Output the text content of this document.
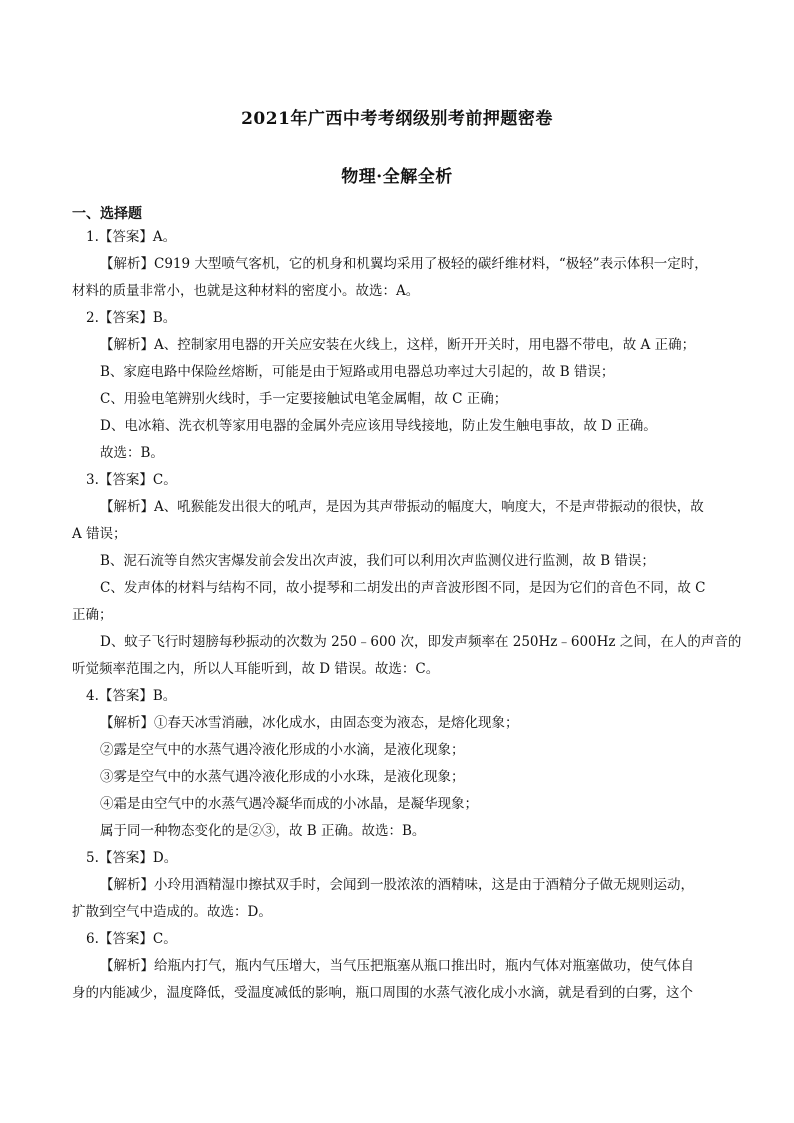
2021年广西中考考纲级别考前押题密卷
物理·全解全析
一、选择题
1.【答案】A。
【解析】C919 大型喷气客机，它的机身和机翼均采用了极轻的碳纤维材料，“极轻”表示体积一定时，
材料的质量非常小，也就是这种材料的密度小。故选：A。
2.【答案】B。
【解析】A、控制家用电器的开关应安装在火线上，这样，断开开关时，用电器不带电，故 A 正确；
B、家庭电路中保险丝熔断，可能是由于短路或用电器总功率过大引起的，故 B 错误；
C、用验电笔辨别火线时，手一定要接触试电笔金属帽，故 C 正确；
D、电冰箱、洗衣机等家用电器的金属外壳应该用导线接地，防止发生触电事故，故 D 正确。
故选：B。
3.【答案】C。
【解析】A、吼猴能发出很大的吼声，是因为其声带振动的幅度大，响度大，不是声带振动的很快，故
A 错误；
B、泥石流等自然灾害爆发前会发出次声波，我们可以利用次声监测仪进行监测，故 B 错误；
C、发声体的材料与结构不同，故小提琴和二胡发出的声音波形图不同，是因为它们的音色不同，故 C
正确；
D、蚊子飞行时翅膀每秒振动的次数为 250﹣600 次，即发声频率在 250Hz﹣600Hz 之间，在人的声音的
听觉频率范围之内，所以人耳能听到，故 D 错误。故选：C。
4.【答案】B。
【解析】①春天冰雪消融，冰化成水，由固态变为液态，是熔化现象；
②露是空气中的水蒸气遇冷液化形成的小水滴，是液化现象；
③雾是空气中的水蒸气遇冷液化形成的小水珠，是液化现象；
④霜是由空气中的水蒸气遇冷凝华而成的小冰晶，是凝华现象；
属于同一种物态变化的是②③，故 B 正确。故选：B。
5.【答案】D。
【解析】小玲用酒精湿巾擦拭双手时，会闻到一股浓浓的酒精味，这是由于酒精分子做无规则运动，
扩散到空气中造成的。故选：D。
6.【答案】C。
【解析】给瓶内打气，瓶内气压增大，当气压把瓶塞从瓶口推出时，瓶内气体对瓶塞做功，使气体自
身的内能减少，温度降低，受温度减低的影响，瓶口周围的水蒸气液化成小水滴，就是看到的白雾，这个
